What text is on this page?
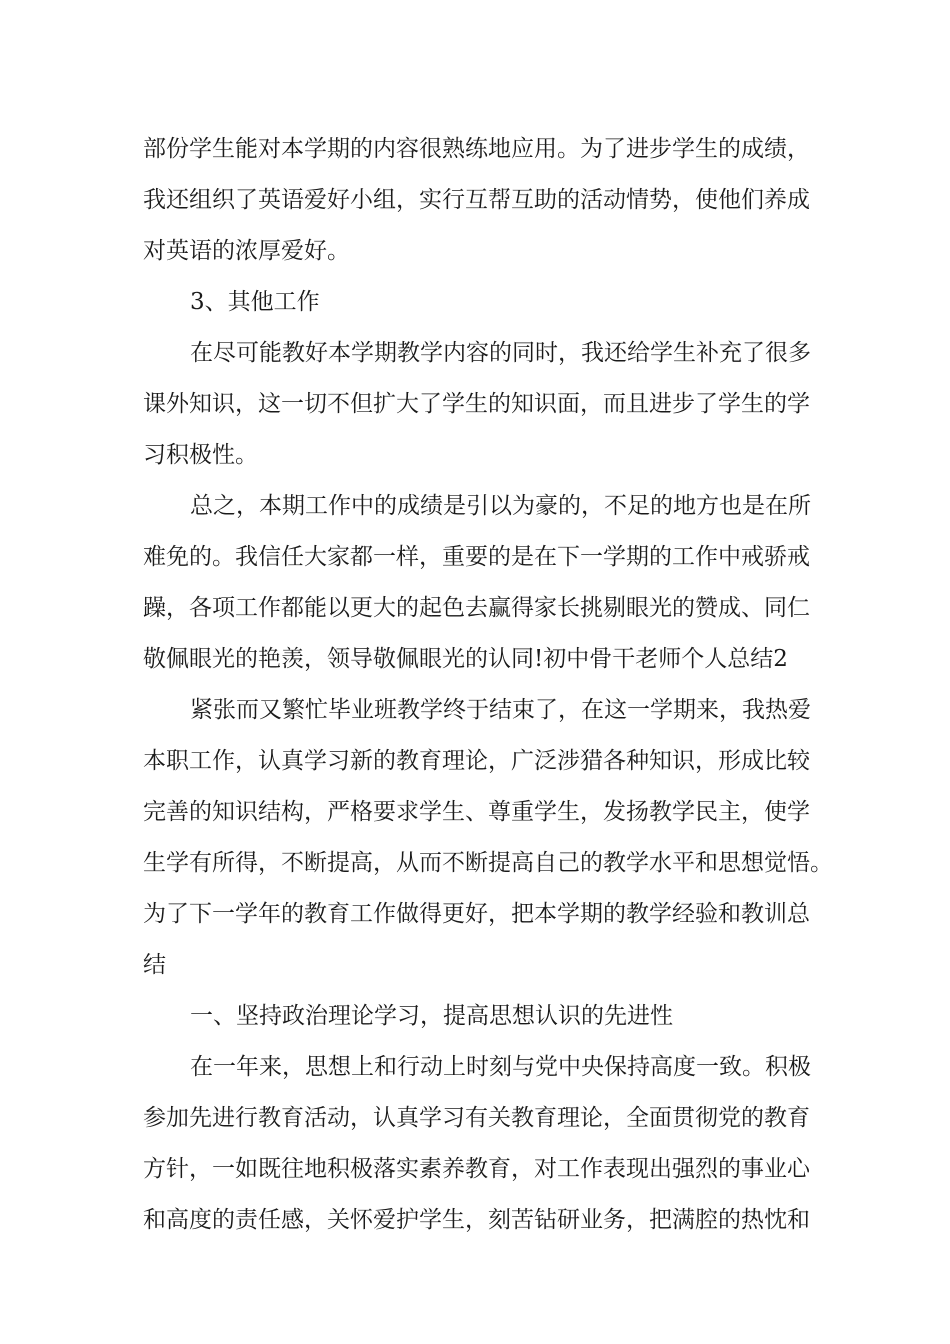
部份学生能对本学期的内容很熟练地应用。为了进步学生的成绩，
我还组织了英语爱好小组，实行互帮互助的活动情势，使他们养成
对英语的浓厚爱好。
3、其他工作
在尽可能教好本学期教学内容的同时，我还给学生补充了很多
课外知识，这一切不但扩大了学生的知识面，而且进步了学生的学
习积极性。
总之，本期工作中的成绩是引以为豪的，不足的地方也是在所
难免的。我信任大家都一样，重要的是在下一学期的工作中戒骄戒
躁，各项工作都能以更大的起色去赢得家长挑剔眼光的赞成、同仁
敬佩眼光的艳羡，领导敬佩眼光的认同!初中骨干老师个人总结2
紧张而又繁忙毕业班教学终于结束了，在这一学期来，我热爱
本职工作，认真学习新的教育理论，广泛涉猎各种知识，形成比较
完善的知识结构，严格要求学生、尊重学生，发扬教学民主，使学
生学有所得，不断提高，从而不断提高自己的教学水平和思想觉悟。
为了下一学年的教育工作做得更好，把本学期的教学经验和教训总
结
一、坚持政治理论学习，提高思想认识的先进性
在一年来，思想上和行动上时刻与党中央保持高度一致。积极
参加先进行教育活动，认真学习有关教育理论，全面贯彻党的教育
方针，一如既往地积极落实素养教育，对工作表现出强烈的事业心
和高度的责任感，关怀爱护学生，刻苦钻研业务，把满腔的热忱和
